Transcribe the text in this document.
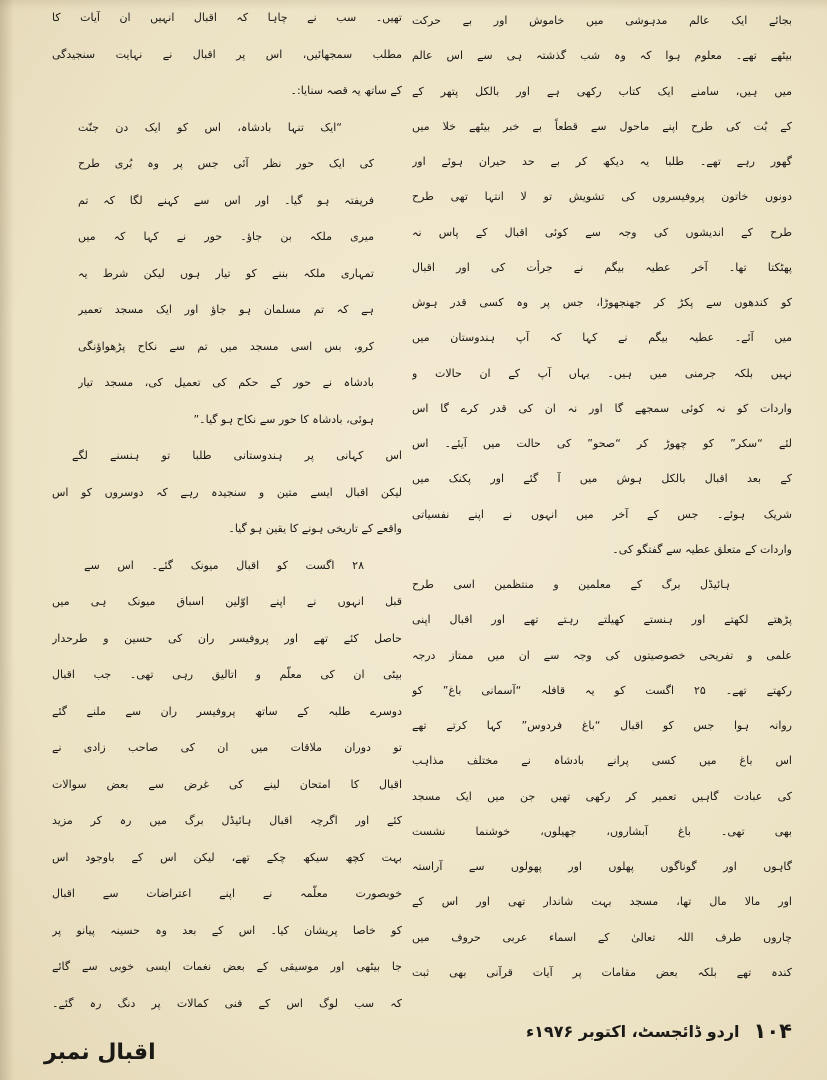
بجائے ایک عالم مدہوشی میں خاموش اور بے حرکت
بیٹھے تھے۔ معلوم ہوا کہ وہ شب گذشتہ ہی سے اس عالم
میں ہیں، سامنے ایک کتاب رکھی ہے اور بالکل پتھر کے
کے بُت کی طرح اپنے ماحول سے قطعاً بے خبر بیٹھے خلا میں
گھور رہے تھے۔ طلبا یہ دیکھ کر بے حد حیران ہوئے اور
دونوں خاتون پروفیسروں کی تشویش تو لا انتہا تھی طرح
طرح کے اندیشوں کی وجہ سے کوئی اقبال کے پاس نہ
پھٹکتا تھا۔ آخر عطیہ بیگم نے جرأت کی اور اقبال
کو کندھوں سے پکڑ کر جھنجھوڑا، جس پر وہ کسی قدر ہوش
میں آئے۔ عطیہ بیگم نے کہا کہ آپ ہندوستان میں
نہیں بلکہ جرمنی میں ہیں۔ یہاں آپ کے ان حالات و
واردات کو نہ کوئی سمجھے گا اور نہ ان کی قدر کرے گا اس
لئے “سکر” کو چھوڑ کر “صحو” کی حالت میں آیئے۔ اس
کے بعد اقبال بالکل ہوش میں آ گئے اور پکنک میں
شریک ہوئے۔ جس کے آخر میں انہوں نے اپنے نفسیاتی
واردات کے متعلق عطیہ سے گفتگو کی۔
ہائیڈل برگ کے معلمین و منتظمین اسی طرح
پڑھتے لکھتے اور ہنستے کھیلتے رہتے تھے اور اقبال اپنی
علمی و تفریحی خصوصیتوں کی وجہ سے ان میں ممتاز درجہ
رکھتے تھے۔ ۲۵ اگست کو یہ قافلہ “آسمانی باغ” کو
روانہ ہوا جس کو اقبال “باغ فردوس” کہا کرتے تھے
اس باغ میں کسی پرانے بادشاہ نے مختلف مذاہب
کی عبادت گاہیں تعمیر کر رکھی تھیں جن میں ایک مسجد
بھی تھی۔ باغ آبشاروں، جھیلوں، خوشنما نشست
گاہوں اور گوناگوں پھلوں اور پھولوں سے آراستہ
اور مالا مال تھا، مسجد بہت شاندار تھی اور اس کے
چاروں طرف اللہ تعالیٰ کے اسماء عربی حروف میں
کندہ تھے بلکہ بعض مقامات پر آیات قرآنی بھی ثبت
تھیں۔ سب نے چاہا کہ اقبال انہیں ان آیات کا
مطلب سمجھائیں، اس پر اقبال نے نہایت سنجیدگی
کے ساتھ یہ قصہ سنایا:۔
“ایک تنہا بادشاہ، اس کو ایک دن جنّت
کی ایک حور نظر آئی جس پر وہ بُری طرح
فریفتہ ہو گیا۔ اور اس سے کہنے لگا کہ تم
میری ملکہ بن جاؤ۔ حور نے کہا کہ میں
تمہاری ملکہ بننے کو تیار ہوں لیکن شرط یہ
ہے کہ تم مسلمان ہو جاؤ اور ایک مسجد تعمیر
کرو، بس اسی مسجد میں تم سے نکاح پڑھواؤنگی
بادشاہ نے حور کے حکم کی تعمیل کی، مسجد تیار
ہوئی، بادشاہ کا حور سے نکاح ہو گیا۔”
اس کہانی پر ہندوستانی طلبا تو ہنسنے لگے
لیکن اقبال ایسے متین و سنجیدہ رہے کہ دوسروں کو اس
واقعے کے تاریخی ہونے کا یقین ہو گیا۔
۲۸ اگست کو اقبال میونک گئے۔ اس سے
قبل انہوں نے اپنے اوّلین اسباق میونک ہی میں
حاصل کئے تھے اور پروفیسر ران کی حسین و طرحدار
بیٹی ان کی معلّم و اتالیق رہی تھی۔ جب اقبال
دوسرے طلبہ کے ساتھ پروفیسر ران سے ملنے گئے
تو دوران ملاقات میں ان کی صاحب زادی نے
اقبال کا امتحان لینے کی غرض سے بعض سوالات
کئے اور اگرچہ اقبال ہائیڈل برگ میں رہ کر مزید
بہت کچھ سیکھ چکے تھے، لیکن اس کے باوجود اس
خوبصورت معلّمہ نے اپنے اعتراضات سے اقبال
کو خاصا پریشان کیا۔ اس کے بعد وہ حسینہ پیانو پر
جا بیٹھی اور موسیقی کے بعض نغمات ایسی خوبی سے گائے
کہ سب لوگ اس کے فنی کمالات پر دنگ رہ گئے۔
۱۰۴
اردو ڈائجسٹ، اکتوبر ۱۹۷۶ء
اقبال نمبر
